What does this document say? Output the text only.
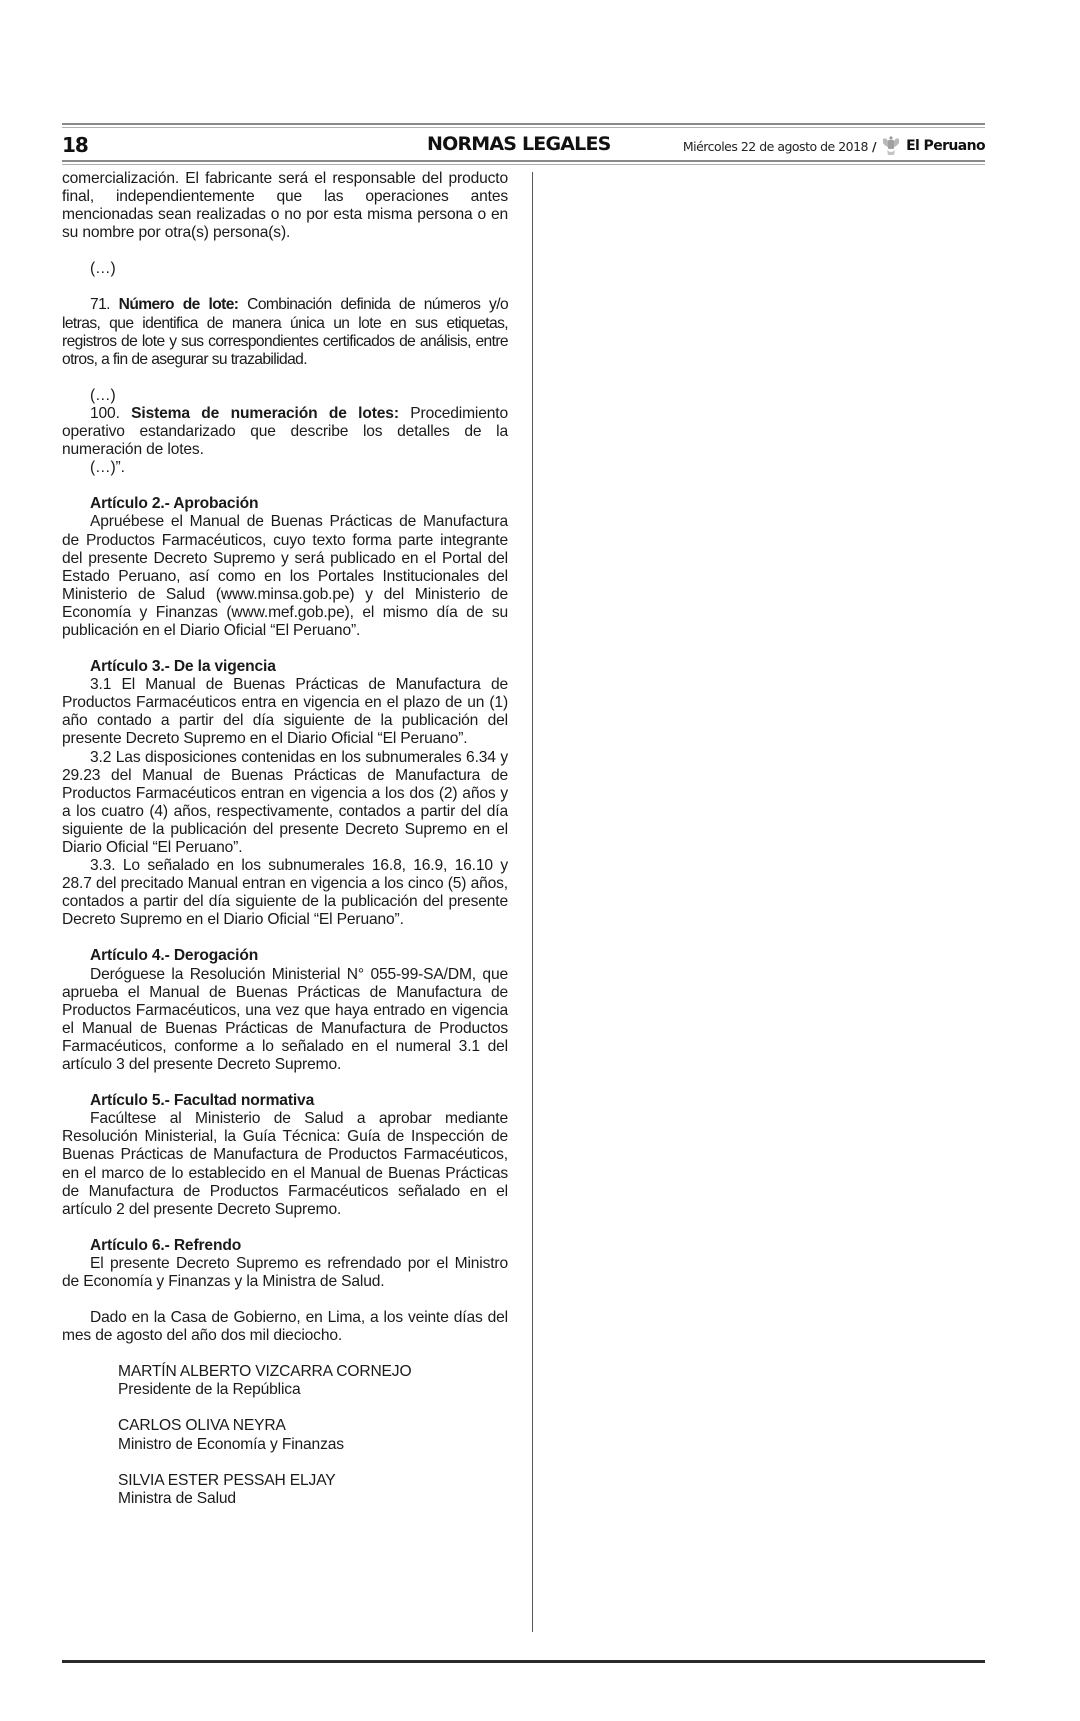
18	NORMAS LEGALES	Miércoles 22 de agosto de 2018 / El Peruano

comercialización. El fabricante será el responsable del producto final, independientemente que las operaciones antes mencionadas sean realizadas o no por esta misma persona o en su nombre por otra(s) persona(s).

(…)

71. Número de lote: Combinación definida de números y/o letras, que identifica de manera única un lote en sus etiquetas, registros de lote y sus correspondientes certificados de análisis, entre otros, a fin de asegurar su trazabilidad.

(…)

100. Sistema de numeración de lotes: Procedimiento operativo estandarizado que describe los detalles de la numeración de lotes.

(…)”.

Artículo 2.- Aprobación

Apruébese el Manual de Buenas Prácticas de Manufactura de Productos Farmacéuticos, cuyo texto forma parte integrante del presente Decreto Supremo y será publicado en el Portal del Estado Peruano, así como en los Portales Institucionales del Ministerio de Salud (www.minsa.gob.pe) y del Ministerio de Economía y Finanzas (www.mef.gob.pe), el mismo día de su publicación en el Diario Oficial “El Peruano”.

Artículo 3.- De la vigencia

3.1 El Manual de Buenas Prácticas de Manufactura de Productos Farmacéuticos entra en vigencia en el plazo de un (1) año contado a partir del día siguiente de la publicación del presente Decreto Supremo en el Diario Oficial “El Peruano”.

3.2 Las disposiciones contenidas en los subnumerales 6.34 y 29.23 del Manual de Buenas Prácticas de Manufactura de Productos Farmacéuticos entran en vigencia a los dos (2) años y a los cuatro (4) años, respectivamente, contados a partir del día siguiente de la publicación del presente Decreto Supremo en el Diario Oficial “El Peruano”.

3.3. Lo señalado en los subnumerales 16.8, 16.9, 16.10 y 28.7 del precitado Manual entran en vigencia a los cinco (5) años, contados a partir del día siguiente de la publicación del presente Decreto Supremo en el Diario Oficial “El Peruano”.

Artículo 4.- Derogación

Deróguese la Resolución Ministerial N° 055-99-SA/DM, que aprueba el Manual de Buenas Prácticas de Manufactura de Productos Farmacéuticos, una vez que haya entrado en vigencia el Manual de Buenas Prácticas de Manufactura de Productos Farmacéuticos, conforme a lo señalado en el numeral 3.1 del artículo 3 del presente Decreto Supremo.

Artículo 5.- Facultad normativa

Facúltese al Ministerio de Salud a aprobar mediante Resolución Ministerial, la Guía Técnica: Guía de Inspección de Buenas Prácticas de Manufactura de Productos Farmacéuticos, en el marco de lo establecido en el Manual de Buenas Prácticas de Manufactura de Productos Farmacéuticos señalado en el artículo 2 del presente Decreto Supremo.

Artículo 6.- Refrendo

El presente Decreto Supremo es refrendado por el Ministro de Economía y Finanzas y la Ministra de Salud.

Dado en la Casa de Gobierno, en Lima, a los veinte días del mes de agosto del año dos mil dieciocho.

MARTÍN ALBERTO VIZCARRA CORNEJO

Presidente de la República

CARLOS OLIVA NEYRA

Ministro de Economía y Finanzas

SILVIA ESTER PESSAH ELJAY

Ministra de Salud
